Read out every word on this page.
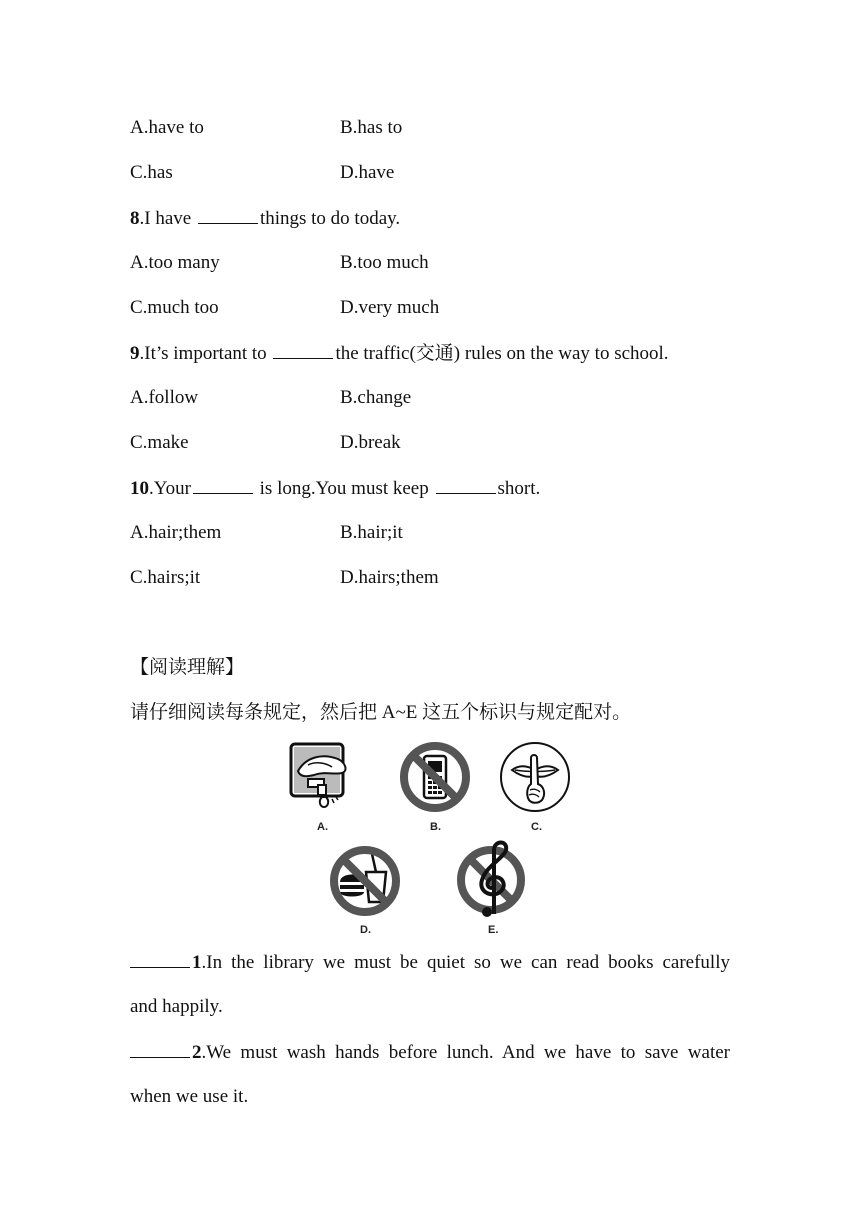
A.have to	B.has to
C.has	D.have
8.I have	things to do today.
A.too many	B.too much
C.much too	D.very much
9.It’s important to	the traffic(交通) rules on the way to school.
A.follow	B.change
C.make	D.break
10.Your	is long.You must keep	short.
A.hair;them	B.hair;it
C.hairs;it	D.hairs;them
【阅读理解】
请仔细阅读每条规定，然后把 A~E 这五个标识与规定配对。
A.	B.	C.
D.	E.
1.In the library we must be quiet so we can read books carefully
and happily.
2.We must wash hands before lunch. And we have to save water
when we use it.
